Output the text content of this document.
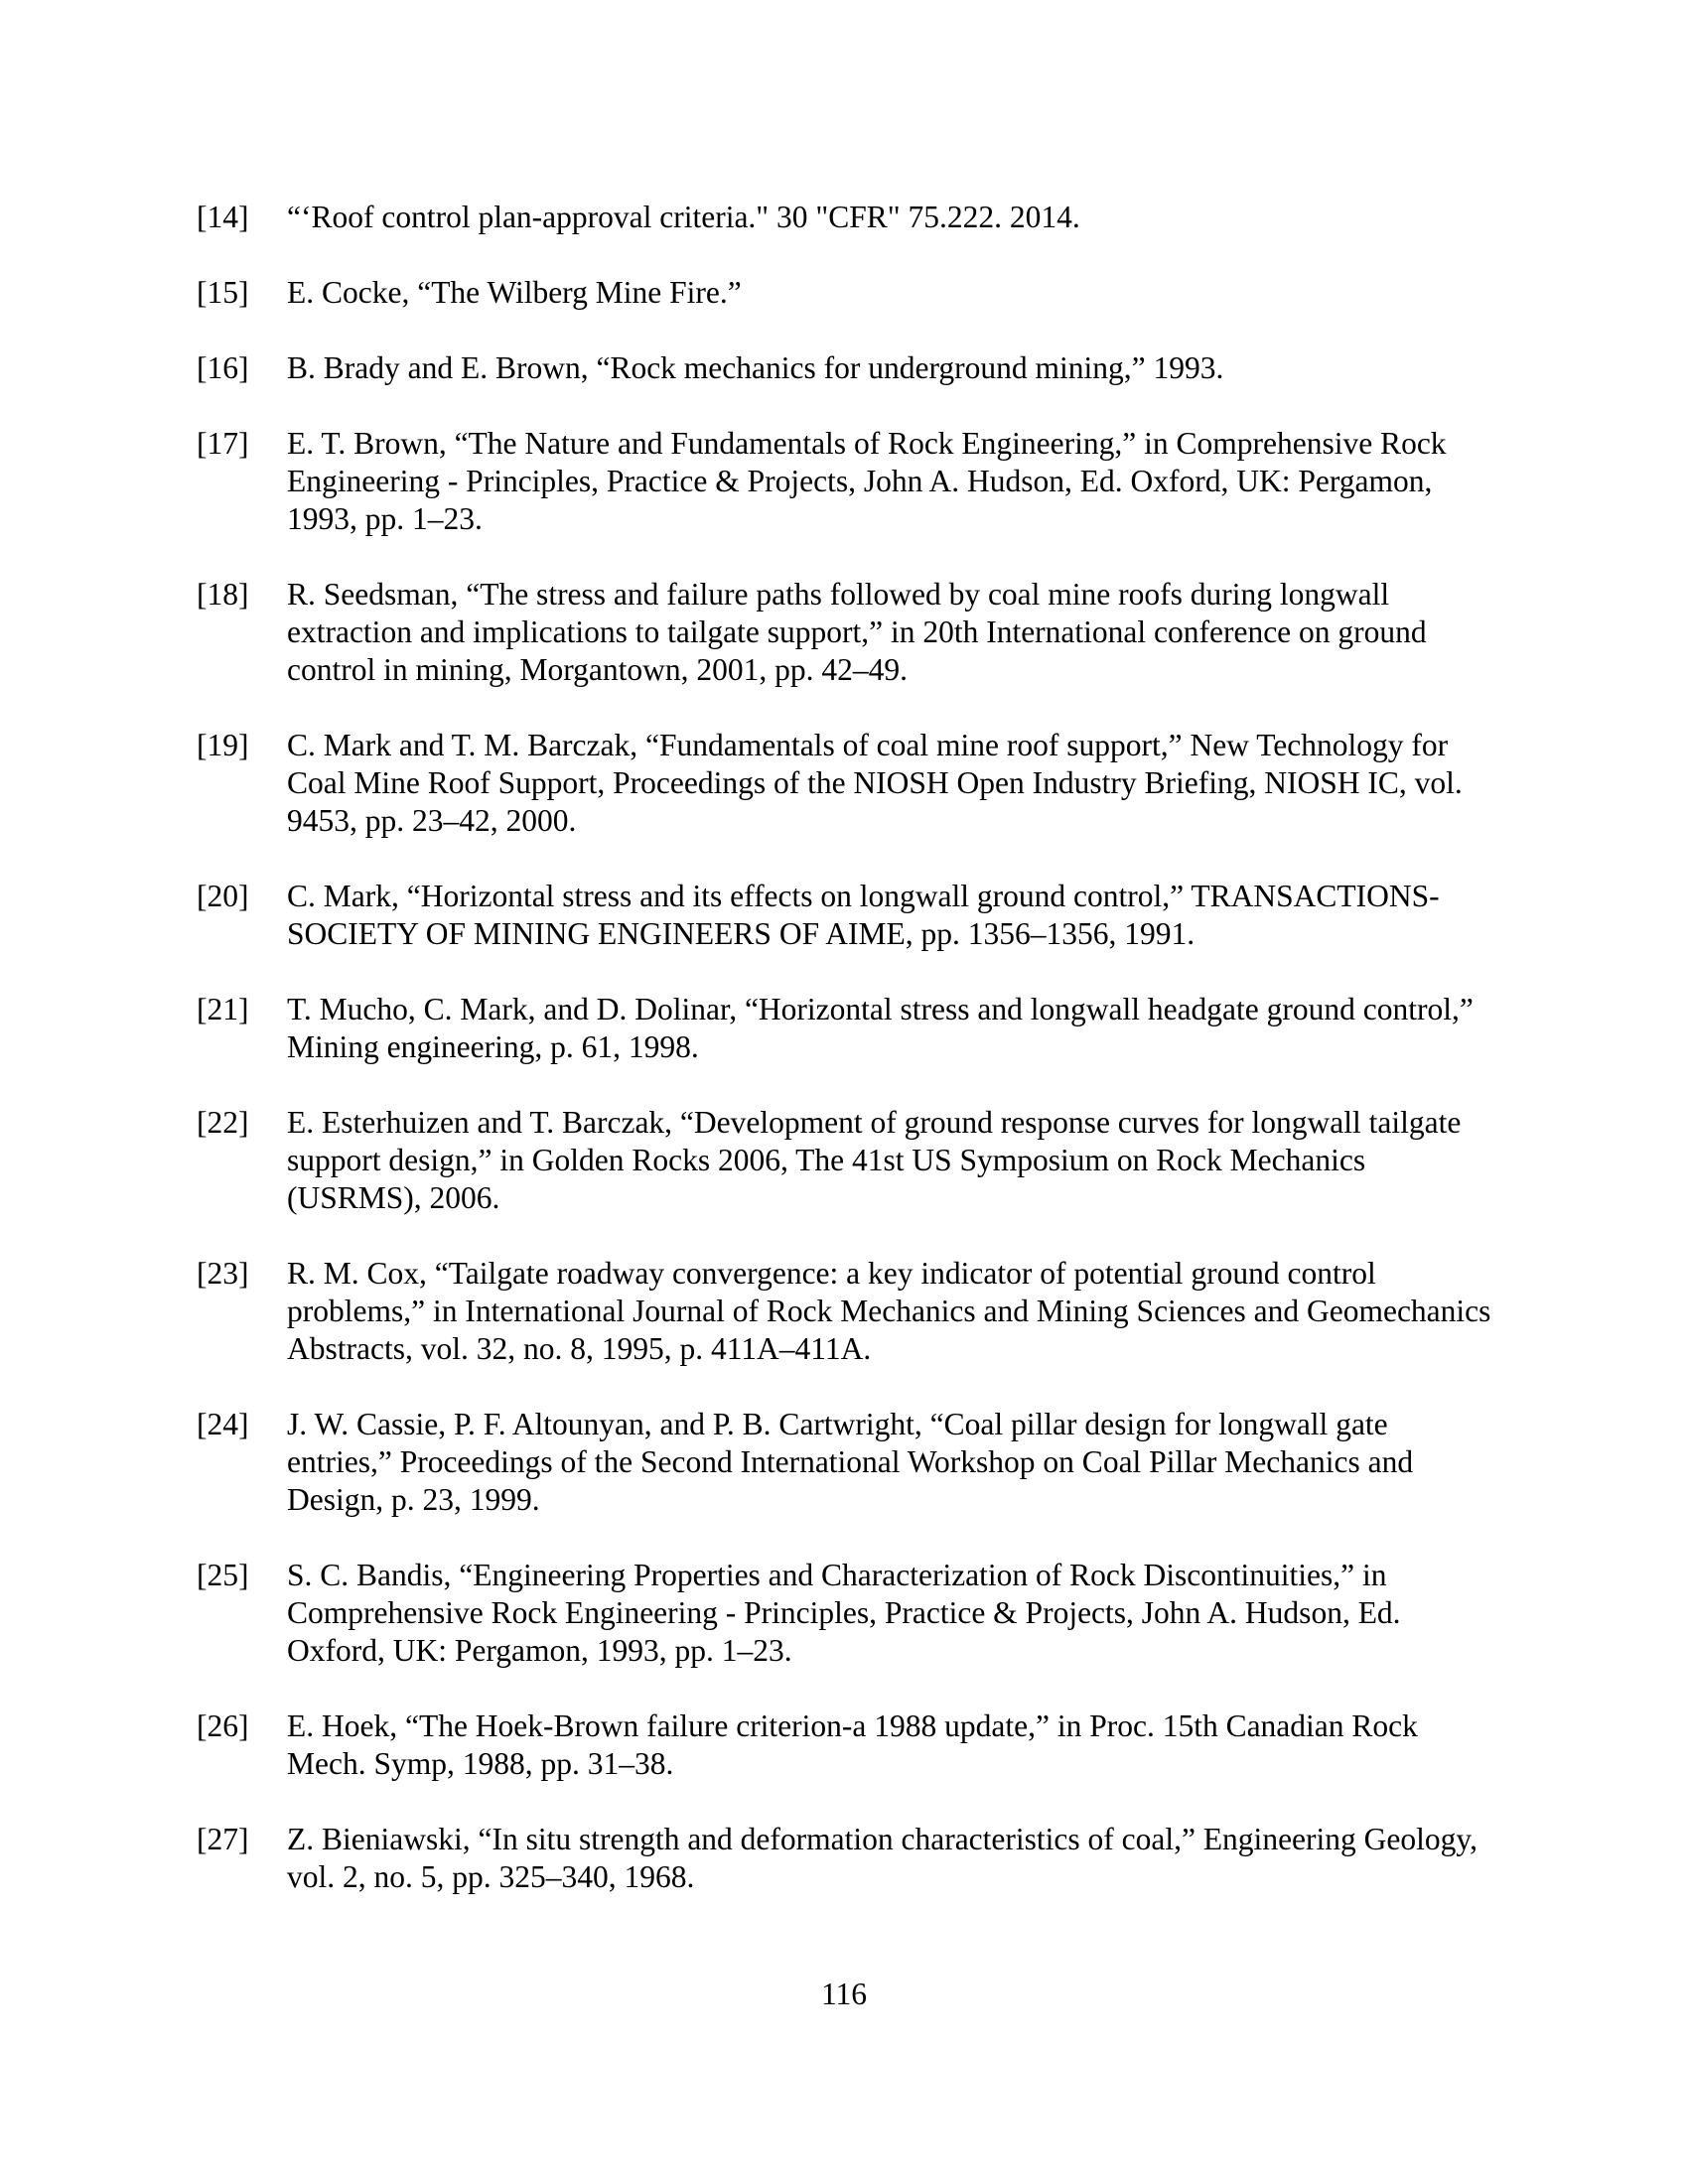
[14]	“‘Roof control plan-approval criteria." 30 "CFR" 75.222. 2014.
[15]	E. Cocke, “The Wilberg Mine Fire.”
[16]	B. Brady and E. Brown, “Rock mechanics for underground mining,” 1993.
[17]	E. T. Brown, “The Nature and Fundamentals of Rock Engineering,” in Comprehensive Rock Engineering - Principles, Practice & Projects, John A. Hudson, Ed. Oxford, UK: Pergamon, 1993, pp. 1–23.
[18]	R. Seedsman, “The stress and failure paths followed by coal mine roofs during longwall extraction and implications to tailgate support,” in 20th International conference on ground control in mining, Morgantown, 2001, pp. 42–49.
[19]	C. Mark and T. M. Barczak, “Fundamentals of coal mine roof support,” New Technology for Coal Mine Roof Support, Proceedings of the NIOSH Open Industry Briefing, NIOSH IC, vol. 9453, pp. 23–42, 2000.
[20]	C. Mark, “Horizontal stress and its effects on longwall ground control,” TRANSACTIONS-SOCIETY OF MINING ENGINEERS OF AIME, pp. 1356–1356, 1991.
[21]	T. Mucho, C. Mark, and D. Dolinar, “Horizontal stress and longwall headgate ground control,” Mining engineering, p. 61, 1998.
[22]	E. Esterhuizen and T. Barczak, “Development of ground response curves for longwall tailgate support design,” in Golden Rocks 2006, The 41st US Symposium on Rock Mechanics (USRMS), 2006.
[23]	R. M. Cox, “Tailgate roadway convergence: a key indicator of potential ground control problems,” in International Journal of Rock Mechanics and Mining Sciences and Geomechanics Abstracts, vol. 32, no. 8, 1995, p. 411A–411A.
[24]	J. W. Cassie, P. F. Altounyan, and P. B. Cartwright, “Coal pillar design for longwall gate entries,” Proceedings of the Second International Workshop on Coal Pillar Mechanics and Design, p. 23, 1999.
[25]	S. C. Bandis, “Engineering Properties and Characterization of Rock Discontinuities,” in Comprehensive Rock Engineering - Principles, Practice & Projects, John A. Hudson, Ed. Oxford, UK: Pergamon, 1993, pp. 1–23.
[26]	E. Hoek, “The Hoek-Brown failure criterion-a 1988 update,” in Proc. 15th Canadian Rock Mech. Symp, 1988, pp. 31–38.
[27]	Z. Bieniawski, “In situ strength and deformation characteristics of coal,” Engineering Geology, vol. 2, no. 5, pp. 325–340, 1968.
116
